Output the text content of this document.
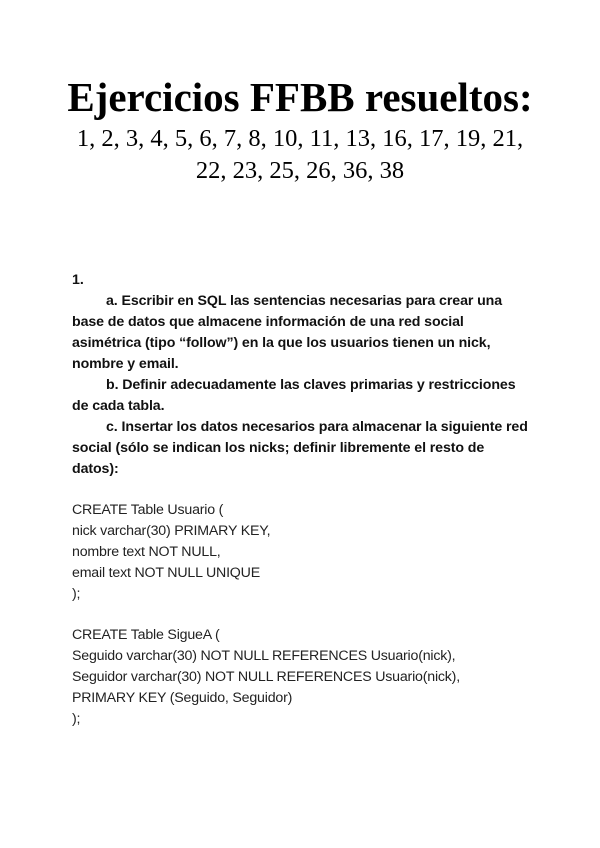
Ejercicios FFBB resueltos:
1, 2, 3, 4, 5, 6, 7, 8, 10, 11, 13, 16, 17, 19, 21,
22, 23, 25, 26, 36, 38

1.

a. Escribir en SQL las sentencias necesarias para crear una base de datos que almacene información de una red social asimétrica (tipo “follow”) en la que los usuarios tienen un nick, nombre y email.

b. Definir adecuadamente las claves primarias y restricciones de cada tabla.

c. Insertar los datos necesarios para almacenar la siguiente red social (sólo se indican los nicks; definir libremente el resto de datos):

CREATE Table Usuario (

nick varchar(30) PRIMARY KEY,

nombre text NOT NULL,

email text NOT NULL UNIQUE

);

CREATE Table SigueA (

Seguido varchar(30) NOT NULL REFERENCES Usuario(nick),

Seguidor varchar(30) NOT NULL REFERENCES Usuario(nick),

PRIMARY KEY (Seguido, Seguidor)

);
